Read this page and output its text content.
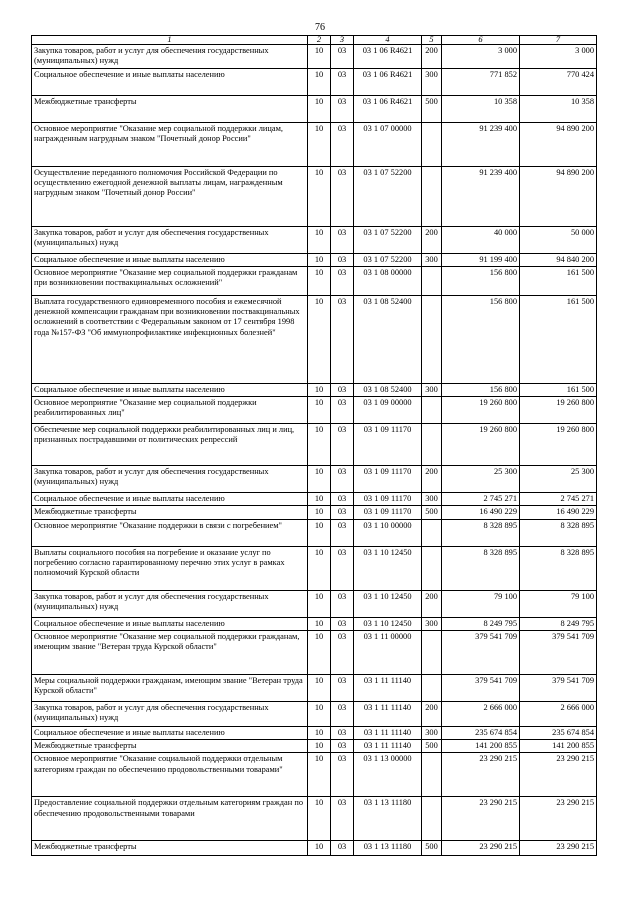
76
1	2	3	4	5	6	7
Закупка товаров, работ и услуг для обеспечения государственных (муниципальных) нужд	10	03	03 1 06 R4621	200	3 000	3 000
Социальное обеспечение и иные выплаты населению	10	03	03 1 06 R4621	300	771 852	770 424
Межбюджетные трансферты	10	03	03 1 06 R4621	500	10 358	10 358
Основное мероприятие "Оказание мер социальной поддержки лицам, награжденным нагрудным знаком "Почетный донор России"	10	03	03 1 07 00000		91 239 400	94 890 200
Осуществление переданного полномочия Российской Федерации по осуществлению ежегодной денежной выплаты лицам, награжденным нагрудным знаком "Почетный донор России"	10	03	03 1 07 52200		91 239 400	94 890 200
Закупка товаров, работ и услуг для обеспечения государственных (муниципальных) нужд	10	03	03 1 07 52200	200	40 000	50 000
Социальное обеспечение и иные выплаты населению	10	03	03 1 07 52200	300	91 199 400	94 840 200
Основное мероприятие "Оказание мер социальной поддержки гражданам при возникновении поствакцинальных осложнений"	10	03	03 1 08 00000		156 800	161 500
Выплата государственного единовременного пособия и ежемесячной денежной компенсации гражданам при возникновении поствакцинальных осложнений в соответствии с Федеральным законом от 17 сентября 1998 года №157-ФЗ "Об иммунопрофилактике инфекционных болезней"	10	03	03 1 08 52400		156 800	161 500
Социальное обеспечение и иные выплаты населению	10	03	03 1 08 52400	300	156 800	161 500
Основное мероприятие "Оказание мер социальной поддержки реабилитированных лиц"	10	03	03 1 09 00000		19 260 800	19 260 800
Обеспечение мер социальной поддержки реабилитированных лиц и лиц, признанных пострадавшими от политических репрессий	10	03	03 1 09 11170		19 260 800	19 260 800
Закупка товаров, работ и услуг для обеспечения государственных (муниципальных) нужд	10	03	03 1 09 11170	200	25 300	25 300
Социальное обеспечение и иные выплаты населению	10	03	03 1 09 11170	300	2 745 271	2 745 271
Межбюджетные трансферты	10	03	03 1 09 11170	500	16 490 229	16 490 229
Основное мероприятие "Оказание поддержки в связи с погребением"	10	03	03 1 10 00000		8 328 895	8 328 895
Выплаты социального пособия на погребение и оказание услуг по погребению согласно гарантированному перечню этих услуг в рамках полномочий Курской области	10	03	03 1 10 12450		8 328 895	8 328 895
Закупка товаров, работ и услуг для обеспечения государственных (муниципальных) нужд	10	03	03 1 10 12450	200	79 100	79 100
Социальное обеспечение и иные выплаты населению	10	03	03 1 10 12450	300	8 249 795	8 249 795
Основное мероприятие "Оказание мер социальной поддержки гражданам, имеющим звание "Ветеран труда Курской области"	10	03	03 1 11 00000		379 541 709	379 541 709
Меры социальной поддержки гражданам, имеющим звание "Ветеран труда Курской области"	10	03	03 1 11 11140		379 541 709	379 541 709
Закупка товаров, работ и услуг для обеспечения государственных (муниципальных) нужд	10	03	03 1 11 11140	200	2 666 000	2 666 000
Социальное обеспечение и иные выплаты населению	10	03	03 1 11 11140	300	235 674 854	235 674 854
Межбюджетные трансферты	10	03	03 1 11 11140	500	141 200 855	141 200 855
Основное мероприятие "Оказание социальной поддержки отдельным категориям граждан по обеспечению продовольственными товарами"	10	03	03 1 13 00000		23 290 215	23 290 215
Предоставление социальной поддержки отдельным категориям граждан по обеспечению продовольственными товарами	10	03	03 1 13 11180		23 290 215	23 290 215
Межбюджетные трансферты	10	03	03 1 13 11180	500	23 290 215	23 290 215
